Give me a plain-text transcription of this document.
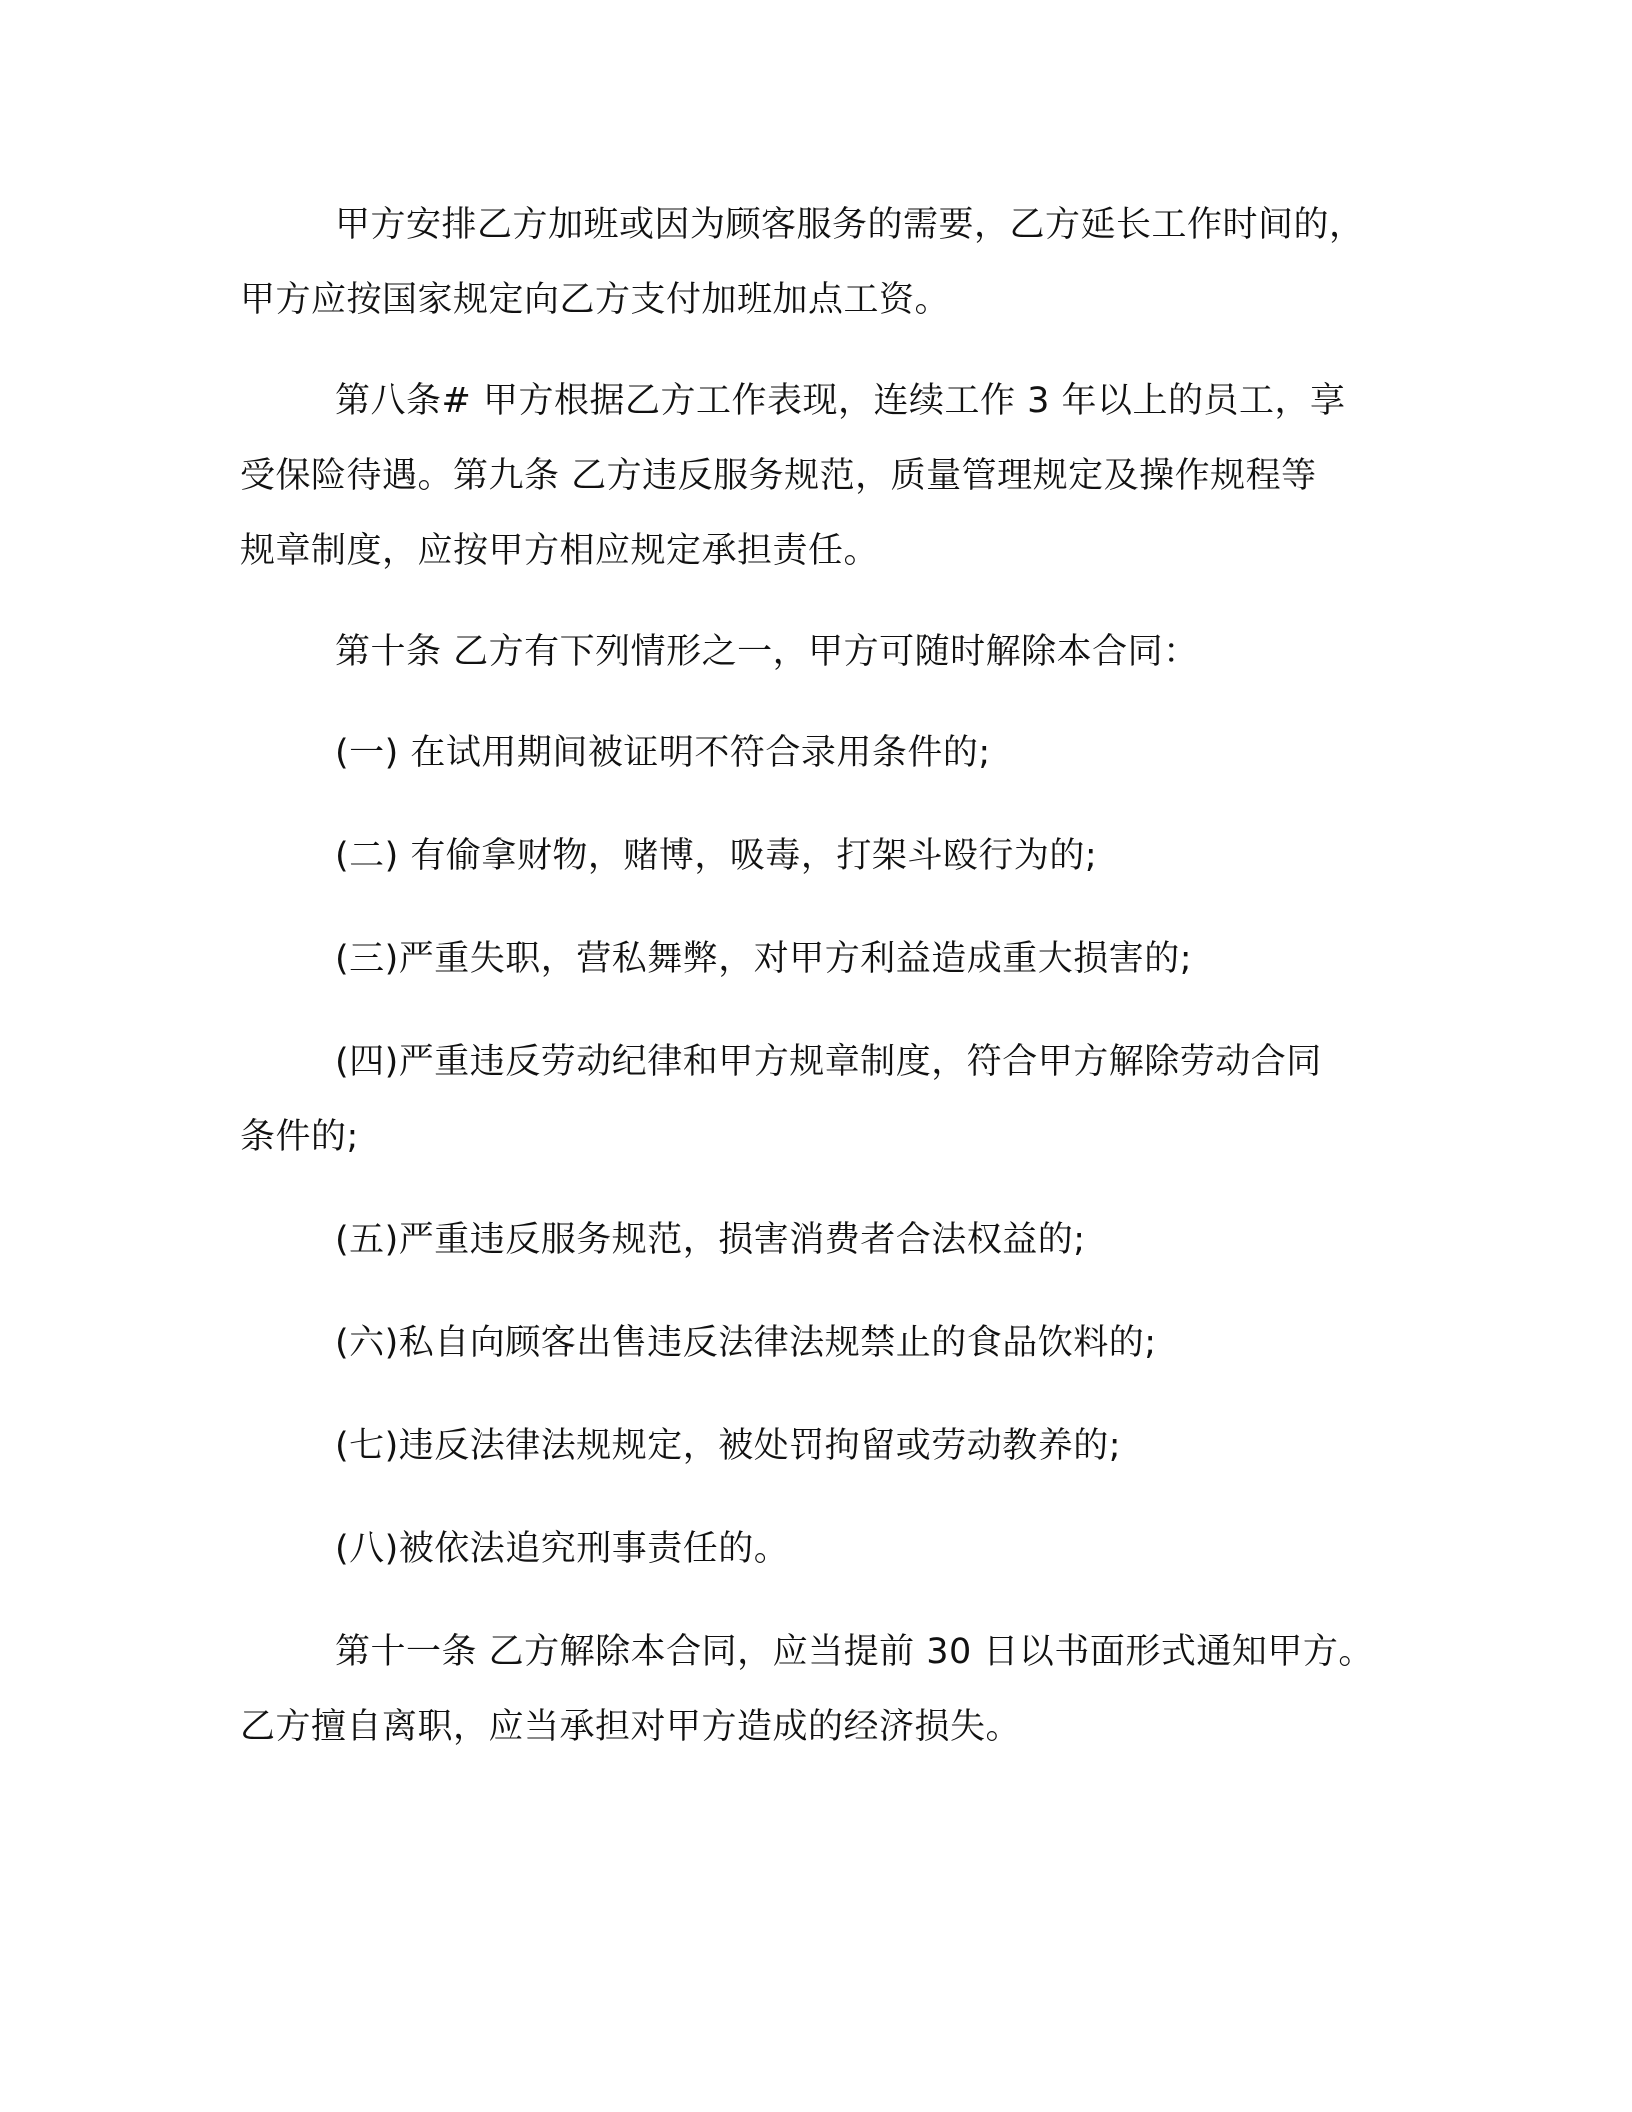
甲方安排乙方加班或因为顾客服务的需要，乙方延长工作时间的，
甲方应按国家规定向乙方支付加班加点工资。

第八条# 甲方根据乙方工作表现，连续工作 3 年以上的员工，享
受保险待遇。第九条 乙方违反服务规范，质量管理规定及操作规程等
规章制度，应按甲方相应规定承担责任。

第十条 乙方有下列情形之一，甲方可随时解除本合同：

(一) 在试用期间被证明不符合录用条件的;

(二) 有偷拿财物，赌博，吸毒，打架斗殴行为的;

(三)严重失职，营私舞弊，对甲方利益造成重大损害的;

(四)严重违反劳动纪律和甲方规章制度，符合甲方解除劳动合同
条件的;

(五)严重违反服务规范，损害消费者合法权益的;

(六)私自向顾客出售违反法律法规禁止的食品饮料的;

(七)违反法律法规规定，被处罚拘留或劳动教养的;

(八)被依法追究刑事责任的。

第十一条 乙方解除本合同，应当提前 30 日以书面形式通知甲方。
乙方擅自离职，应当承担对甲方造成的经济损失。
